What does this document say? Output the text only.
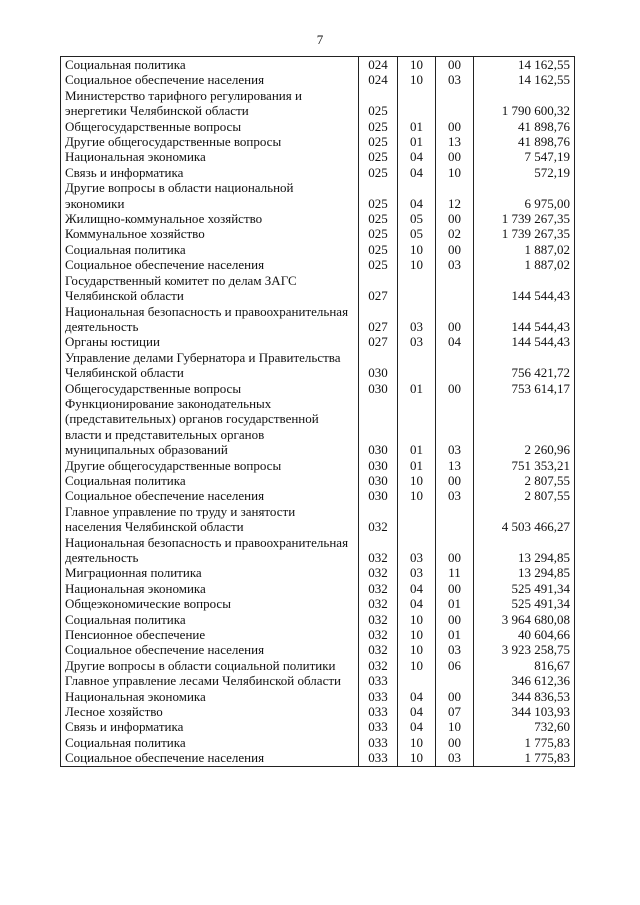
7
Социальная политика	024	10	00	14 162,55
Социальное обеспечение населения	024	10	03	14 162,55
Министерство тарифного регулирования и энергетики Челябинской области	025			1 790 600,32
Общегосударственные вопросы	025	01	00	41 898,76
Другие общегосударственные вопросы	025	01	13	41 898,76
Национальная экономика	025	04	00	7 547,19
Связь и информатика	025	04	10	572,19
Другие вопросы в области национальной экономики	025	04	12	6 975,00
Жилищно-коммунальное хозяйство	025	05	00	1 739 267,35
Коммунальное хозяйство	025	05	02	1 739 267,35
Социальная политика	025	10	00	1 887,02
Социальное обеспечение населения	025	10	03	1 887,02
Государственный комитет по делам ЗАГС Челябинской области	027			144 544,43
Национальная безопасность и правоохранительная деятельность	027	03	00	144 544,43
Органы юстиции	027	03	04	144 544,43
Управление делами Губернатора и Правительства Челябинской области	030			756 421,72
Общегосударственные вопросы	030	01	00	753 614,17
Функционирование законодательных (представительных) органов государственной власти и представительных органов муниципальных образований	030	01	03	2 260,96
Другие общегосударственные вопросы	030	01	13	751 353,21
Социальная политика	030	10	00	2 807,55
Социальное обеспечение населения	030	10	03	2 807,55
Главное управление по труду и занятости населения Челябинской области	032			4 503 466,27
Национальная безопасность и правоохранительная деятельность	032	03	00	13 294,85
Миграционная политика	032	03	11	13 294,85
Национальная экономика	032	04	00	525 491,34
Общеэкономические вопросы	032	04	01	525 491,34
Социальная политика	032	10	00	3 964 680,08
Пенсионное обеспечение	032	10	01	40 604,66
Социальное обеспечение населения	032	10	03	3 923 258,75
Другие вопросы в области социальной политики	032	10	06	816,67
Главное управление лесами Челябинской области	033			346 612,36
Национальная экономика	033	04	00	344 836,53
Лесное хозяйство	033	04	07	344 103,93
Связь и информатика	033	04	10	732,60
Социальная политика	033	10	00	1 775,83
Социальное обеспечение населения	033	10	03	1 775,83
